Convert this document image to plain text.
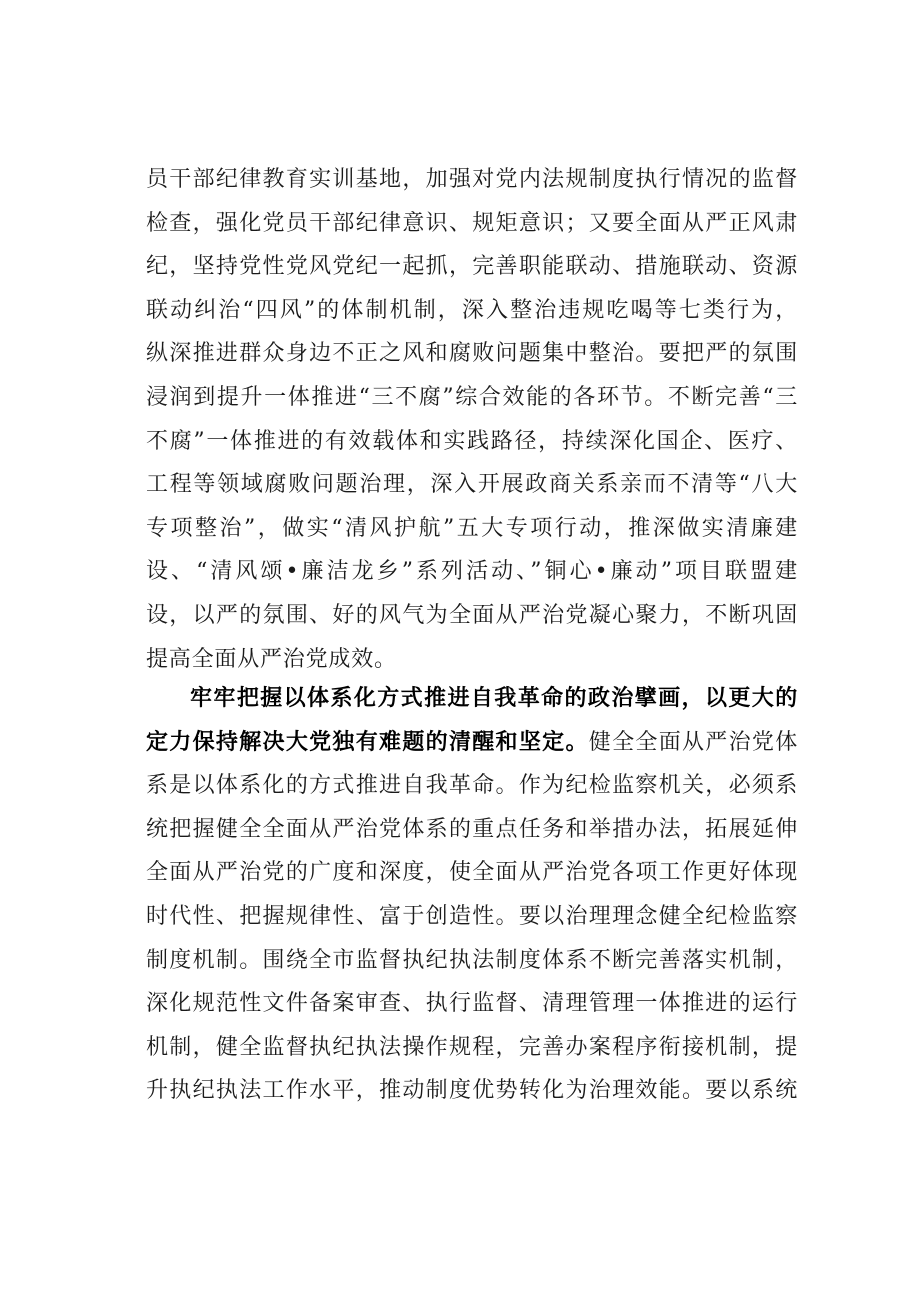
员干部纪律教育实训基地，加强对党内法规制度执行情况的监督
检查，强化党员干部纪律意识、规矩意识；又要全面从严正风肃
纪，坚持党性党风党纪一起抓，完善职能联动、措施联动、资源
联动纠治“四风”的体制机制，深入整治违规吃喝等七类行为，
纵深推进群众身边不正之风和腐败问题集中整治。要把严的氛围
浸润到提升一体推进“三不腐”综合效能的各环节。不断完善“三
不腐”一体推进的有效载体和实践路径，持续深化国企、医疗、
工程等领域腐败问题治理，深入开展政商关系亲而不清等“八大
专项整治”，做实“清风护航”五大专项行动，推深做实清廉建
设、“清风颂•廉洁龙乡”系列活动、”铜心•廉动”项目联盟建
设，以严的氛围、好的风气为全面从严治党凝心聚力，不断巩固
提高全面从严治党成效。
牢牢把握以体系化方式推进自我革命的政治擘画，以更大的
定力保持解决大党独有难题的清醒和坚定。健全全面从严治党体
系是以体系化的方式推进自我革命。作为纪检监察机关，必须系
统把握健全全面从严治党体系的重点任务和举措办法，拓展延伸
全面从严治党的广度和深度，使全面从严治党各项工作更好体现
时代性、把握规律性、富于创造性。要以治理理念健全纪检监察
制度机制。围绕全市监督执纪执法制度体系不断完善落实机制，
深化规范性文件备案审查、执行监督、清理管理一体推进的运行
机制，健全监督执纪执法操作规程，完善办案程序衔接机制，提
升执纪执法工作水平，推动制度优势转化为治理效能。要以系统
